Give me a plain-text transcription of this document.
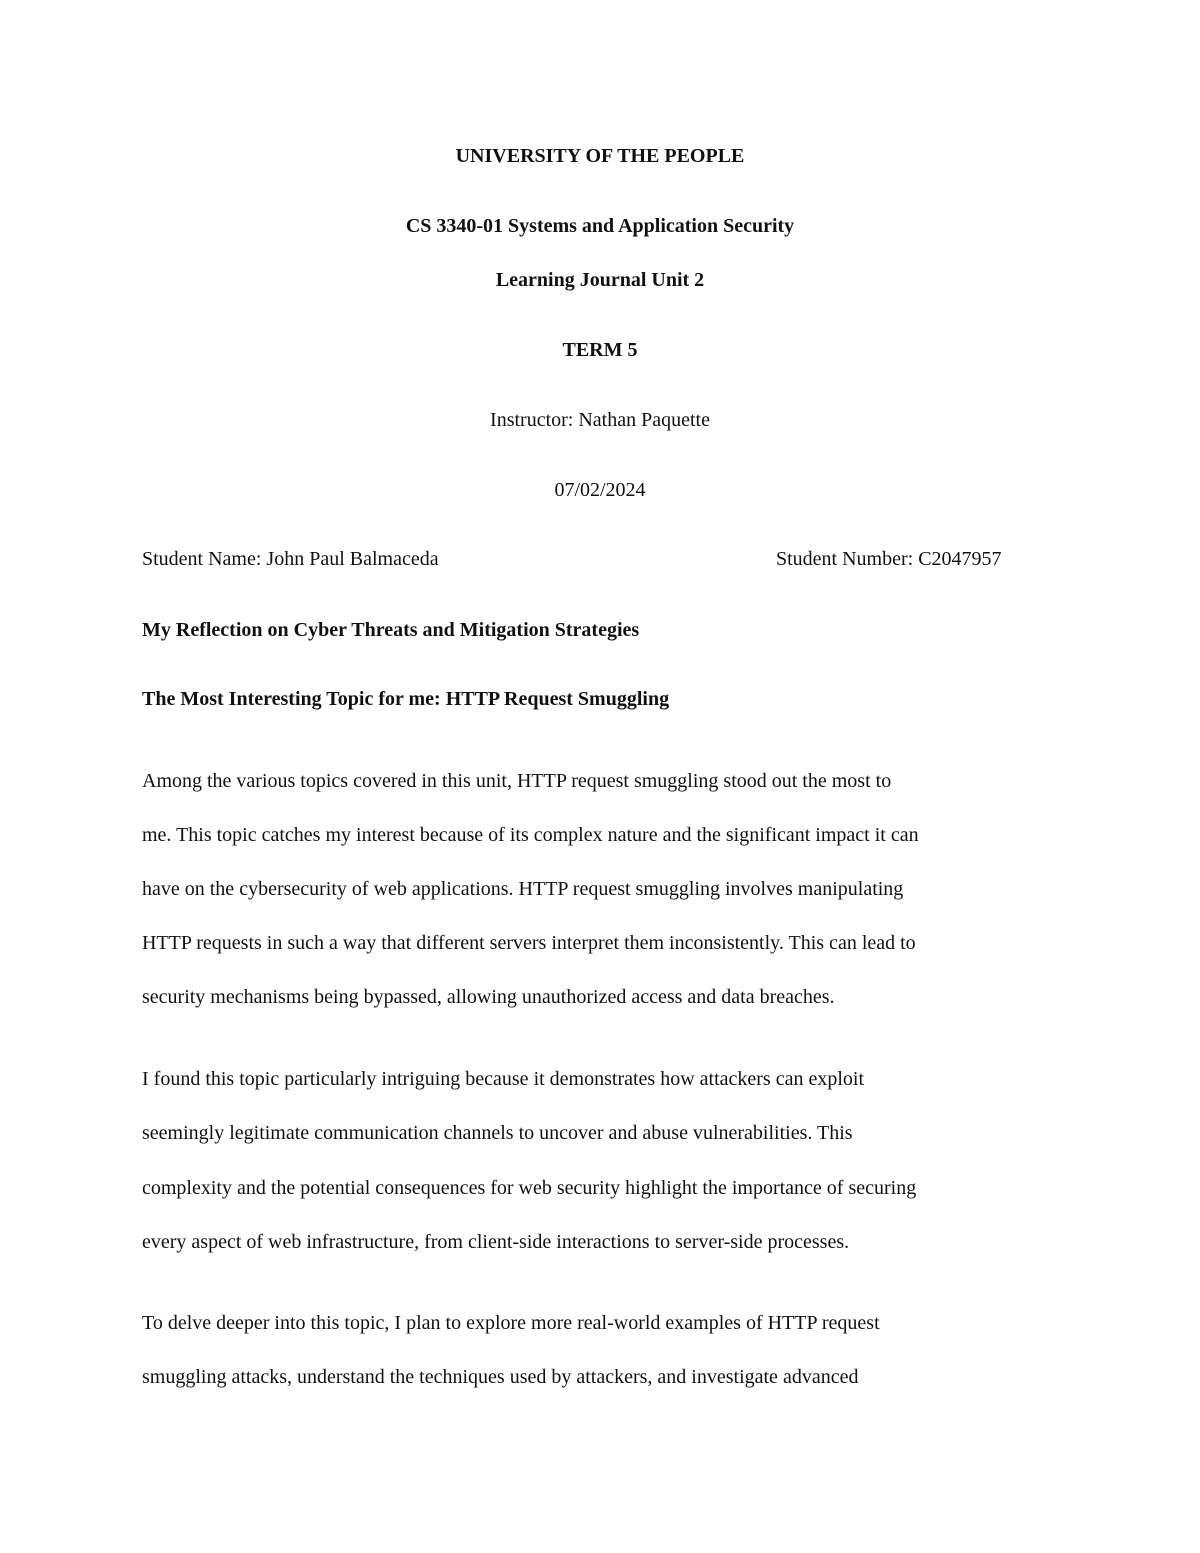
UNIVERSITY OF THE PEOPLE
CS 3340-01 Systems and Application Security
Learning Journal Unit 2
TERM 5
Instructor: Nathan Paquette
07/02/2024
Student Name: John Paul Balmaceda	Student Number: C2047957
My Reflection on Cyber Threats and Mitigation Strategies
The Most Interesting Topic for me: HTTP Request Smuggling
Among the various topics covered in this unit, HTTP request smuggling stood out the most to
me. This topic catches my interest because of its complex nature and the significant impact it can
have on the cybersecurity of web applications. HTTP request smuggling involves manipulating
HTTP requests in such a way that different servers interpret them inconsistently. This can lead to
security mechanisms being bypassed, allowing unauthorized access and data breaches.
I found this topic particularly intriguing because it demonstrates how attackers can exploit
seemingly legitimate communication channels to uncover and abuse vulnerabilities. This
complexity and the potential consequences for web security highlight the importance of securing
every aspect of web infrastructure, from client-side interactions to server-side processes.
To delve deeper into this topic, I plan to explore more real-world examples of HTTP request
smuggling attacks, understand the techniques used by attackers, and investigate advanced
